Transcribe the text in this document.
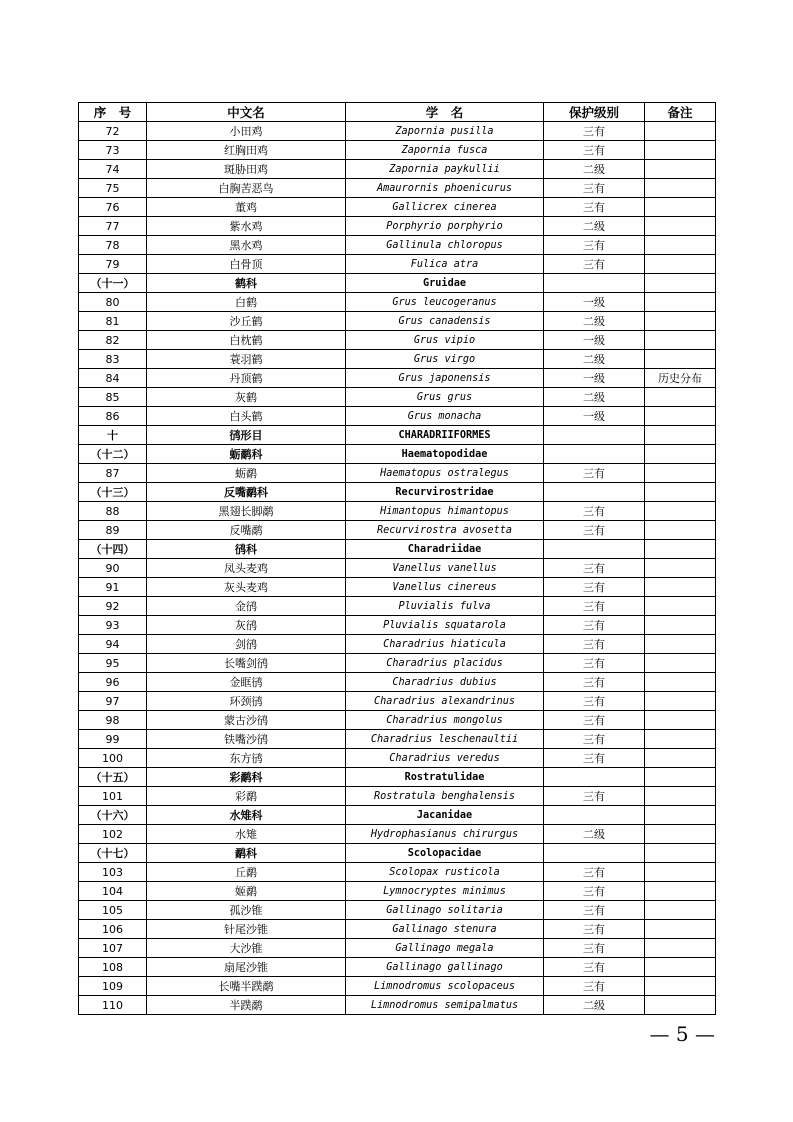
序　号	中文名	学　名	保护级别	备注
72	小田鸡	Zapornia pusilla	三有	
73	红胸田鸡	Zapornia fusca	三有	
74	斑胁田鸡	Zapornia paykullii	二级	
75	白胸苦恶鸟	Amaurornis phoenicurus	三有	
76	董鸡	Gallicrex cinerea	三有	
77	紫水鸡	Porphyrio porphyrio	二级	
78	黑水鸡	Gallinula chloropus	三有	
79	白骨顶	Fulica atra	三有	
（十一）	鹤科	Gruidae		
80	白鹤	Grus leucogeranus	一级	
81	沙丘鹤	Grus canadensis	二级	
82	白枕鹤	Grus vipio	一级	
83	蓑羽鹤	Grus virgo	二级	
84	丹顶鹤	Grus japonensis	一级	历史分布
85	灰鹤	Grus grus	二级	
86	白头鹤	Grus monacha	一级	
十	鸻形目	CHARADRIIFORMES		
（十二）	蛎鹬科	Haematopodidae		
87	蛎鹬	Haematopus ostralegus	三有	
（十三）	反嘴鹬科	Recurvirostridae		
88	黑翅长脚鹬	Himantopus himantopus	三有	
89	反嘴鹬	Recurvirostra avosetta	三有	
（十四）	鸻科	Charadriidae		
90	凤头麦鸡	Vanellus vanellus	三有	
91	灰头麦鸡	Vanellus cinereus	三有	
92	金鸻	Pluvialis fulva	三有	
93	灰鸻	Pluvialis squatarola	三有	
94	剑鸻	Charadrius hiaticula	三有	
95	长嘴剑鸻	Charadrius placidus	三有	
96	金眶鸻	Charadrius dubius	三有	
97	环颈鸻	Charadrius alexandrinus	三有	
98	蒙古沙鸻	Charadrius mongolus	三有	
99	铁嘴沙鸻	Charadrius leschenaultii	三有	
100	东方鸻	Charadrius veredus	三有	
（十五）	彩鹬科	Rostratulidae		
101	彩鹬	Rostratula benghalensis	三有	
（十六）	水雉科	Jacanidae		
102	水雉	Hydrophasianus chirurgus	二级	
（十七）	鹬科	Scolopacidae		
103	丘鹬	Scolopax rusticola	三有	
104	姬鹬	Lymnocryptes minimus	三有	
105	孤沙锥	Gallinago solitaria	三有	
106	针尾沙锥	Gallinago stenura	三有	
107	大沙锥	Gallinago megala	三有	
108	扇尾沙锥	Gallinago gallinago	三有	
109	长嘴半蹼鹬	Limnodromus scolopaceus	三有	
110	半蹼鹬	Limnodromus semipalmatus	二级	
— 5 —
